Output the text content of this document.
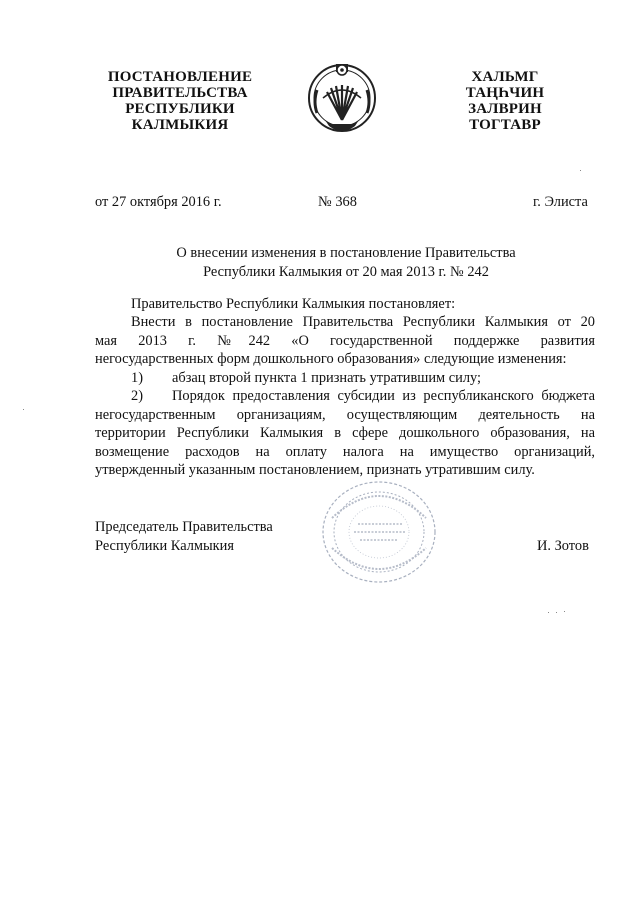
ПОСТАНОВЛЕНИЕ
ПРАВИТЕЛЬСТВА
РЕСПУБЛИКИ
КАЛМЫКИЯ
ХАЛЬМГ
ТАҢҺЧИН
ЗАЛВРИН
ТОГТАВР
от 27 октября 2016 г.	№ 368	г. Элиста
О внесении изменения в постановление Правительства
Республики Калмыкия от 20 мая 2013 г. № 242
Правительство Республики Калмыкия постановляет:
Внести в постановление Правительства Республики Калмыкия от 20
мая 2013 г. №242 «О государственной поддержке развития
негосударственных форм дошкольного образования» следующие изменения:
1) абзац второй пункта 1 признать утратившим силу;
2)	Порядок предоставления субсидии из республиканского бюджета
негосударственным организациям, осуществляющим деятельность на
территории Республики Калмыкия в сфере дошкольного образования, на
возмещение расходов на оплату налога на имущество организаций,
утвержденный указанным постановлением, признать утратившим силу.
Председатель Правительства
Республики Калмыкия	И. Зотов
